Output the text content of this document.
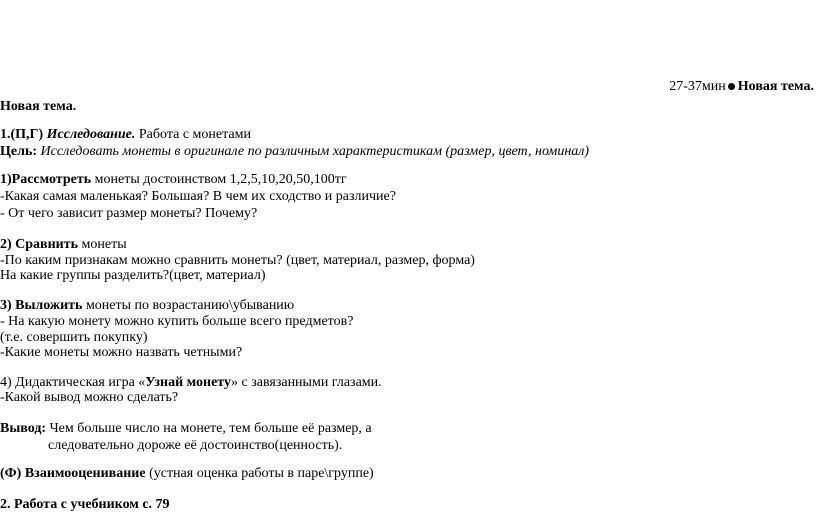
27-37мин Новая тема.
Новая тема.
1.(П,Г) Исследование. Работа с монетами
Цель: Исследовать монеты в оригинале по различным характеристикам (размер, цвет, номинал)
1)Рассмотреть монеты достоинством 1,2,5,10,20,50,100тг
-Какая самая маленькая? Большая? В чем их сходство и различие?
- От чего зависит размер монеты? Почему?
2) Сравнить монеты
-По каким признакам можно сравнить монеты? (цвет, материал, размер, форма)
На какие группы разделить?(цвет, материал)
3) Выложить монеты по возрастанию\убыванию
- На какую монету можно купить больше всего предметов?
(т.е. совершить покупку)
-Какие монеты можно назвать четными?
4) Дидактическая игра «Узнай монету» с завязанными глазами.
-Какой вывод можно сделать?
Вывод: Чем больше число на монете, тем больше её размер, а
следовательно дороже её достоинство(ценность).
(Ф) Взаимооценивание (устная оценка работы в паре\группе)
2. Работа с учебником с. 79
